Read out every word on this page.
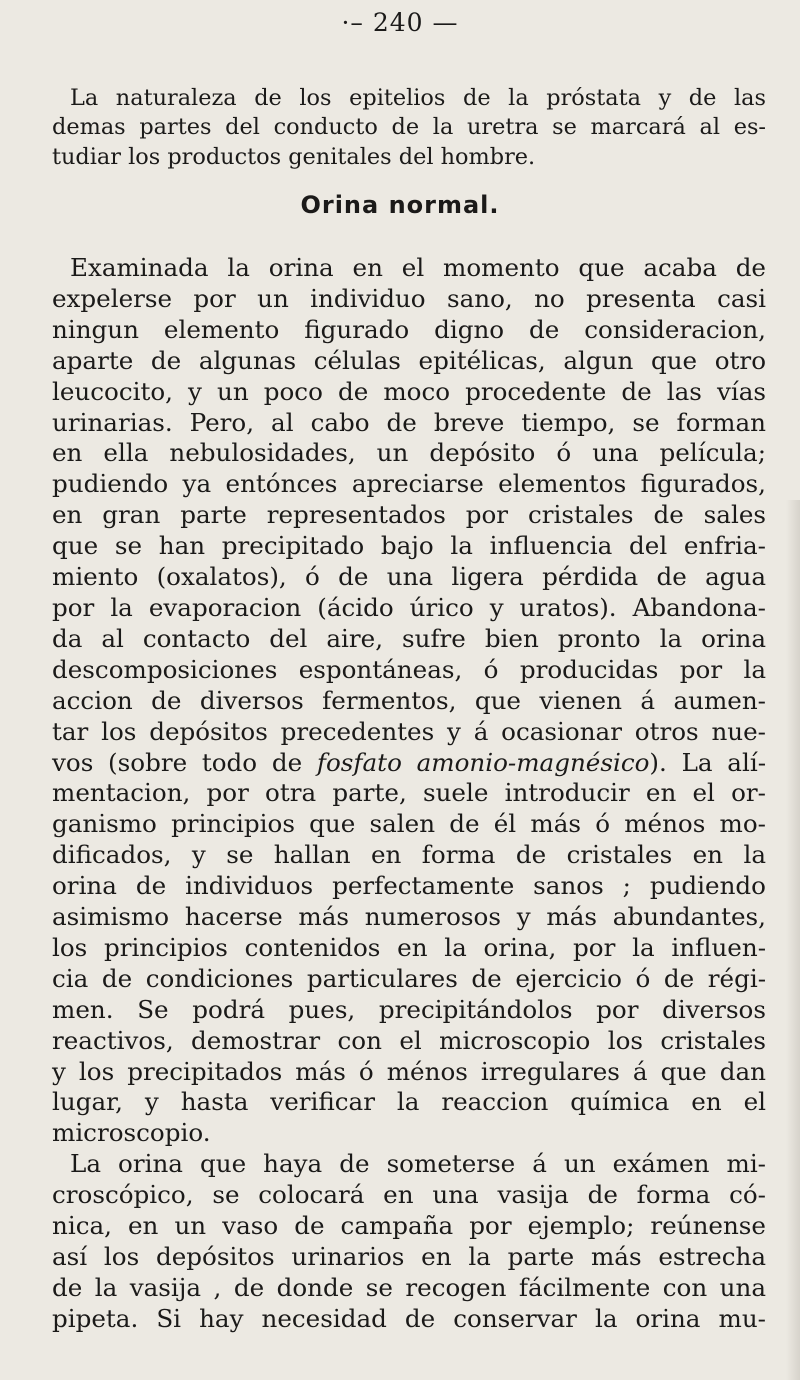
·– 240 —

La naturaleza de los epitelios de la próstata y de las
demas partes del conducto de la uretra se marcará al es-
tudiar los productos genitales del hombre.

Orina normal.

Examinada la orina en el momento que acaba de
expelerse por un individuo sano, no presenta casi
ningun elemento figurado digno de consideracion,
aparte de algunas células epitélicas, algun que otro
leucocito, y un poco de moco procedente de las vías
urinarias. Pero, al cabo de breve tiempo, se forman
en ella nebulosidades, un depósito ó una película;
pudiendo ya entónces apreciarse elementos figurados,
en gran parte representados por cristales de sales
que se han precipitado bajo la influencia del enfria-
miento (oxalatos), ó de una ligera pérdida de agua
por la evaporacion (ácido úrico y uratos). Abandona-
da al contacto del aire, sufre bien pronto la orina
descomposiciones espontáneas, ó producidas por la
accion de diversos fermentos, que vienen á aumen-
tar los depósitos precedentes y á ocasionar otros nue-
vos (sobre todo de fosfato amonio-magnésico). La alí-
mentacion, por otra parte, suele introducir en el or-
ganismo principios que salen de él más ó ménos mo-
dificados, y se hallan en forma de cristales en la
orina de individuos perfectamente sanos ; pudiendo
asimismo hacerse más numerosos y más abundantes,
los principios contenidos en la orina, por la influen-
cia de condiciones particulares de ejercicio ó de régi-
men. Se podrá pues, precipitándolos por diversos
reactivos, demostrar con el microscopio los cristales
y los precipitados más ó ménos irregulares á que dan
lugar, y hasta verificar la reaccion química en el
microscopio.

La orina que haya de someterse á un exámen mi-
croscópico, se colocará en una vasija de forma có-
nica, en un vaso de campaña por ejemplo; reúnense
así los depósitos urinarios en la parte más estrecha
de la vasija , de donde se recogen fácilmente con una
pipeta. Si hay necesidad de conservar la orina mu-
